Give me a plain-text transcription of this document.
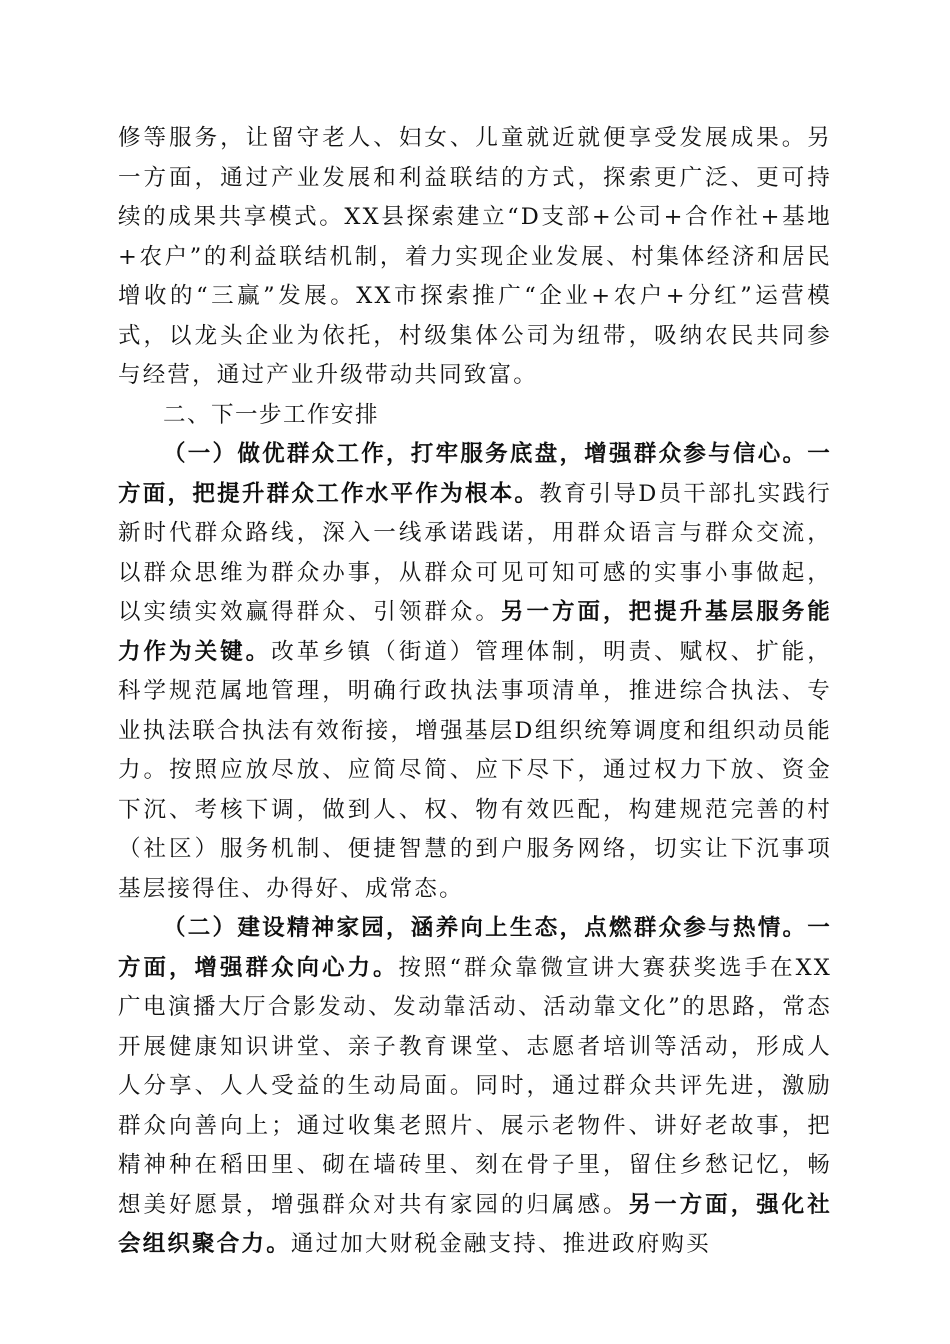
修等服务，让留守老人、妇女、儿童就近就便享受发展成果。另一方面，通过产业发展和利益联结的方式，探索更广泛、更可持续的成果共享模式。XX县探索建立“D支部+公司+合作社+基地+农户”的利益联结机制，着力实现企业发展、村集体经济和居民增收的“三赢”发展。XX市探索推广“企业+农户+分红”运营模式，以龙头企业为依托，村级集体公司为纽带，吸纳农民共同参与经营，通过产业升级带动共同致富。

二、下一步工作安排

（一）做优群众工作，打牢服务底盘，增强群众参与信心。一方面，把提升群众工作水平作为根本。教育引导D员干部扎实践行新时代群众路线，深入一线承诺践诺，用群众语言与群众交流，以群众思维为群众办事，从群众可见可知可感的实事小事做起，以实绩实效赢得群众、引领群众。另一方面，把提升基层服务能力作为关键。改革乡镇（街道）管理体制，明责、赋权、扩能，科学规范属地管理，明确行政执法事项清单，推进综合执法、专业执法联合执法有效衔接，增强基层D组织统筹调度和组织动员能力。按照应放尽放、应简尽简、应下尽下，通过权力下放、资金下沉、考核下调，做到人、权、物有效匹配，构建规范完善的村（社区）服务机制、便捷智慧的到户服务网络，切实让下沉事项基层接得住、办得好、成常态。

（二）建设精神家园，涵养向上生态，点燃群众参与热情。一方面，增强群众向心力。按照“群众靠微宣讲大赛获奖选手在XX广电演播大厅合影发动、发动靠活动、活动靠文化”的思路，常态开展健康知识讲堂、亲子教育课堂、志愿者培训等活动，形成人人分享、人人受益的生动局面。同时，通过群众共评先进，激励群众向善向上；通过收集老照片、展示老物件、讲好老故事，把精神种在稻田里、砌在墙砖里、刻在骨子里，留住乡愁记忆，畅想美好愿景，增强群众对共有家园的归属感。另一方面，强化社会组织聚合力。通过加大财税金融支持、推进政府购买
